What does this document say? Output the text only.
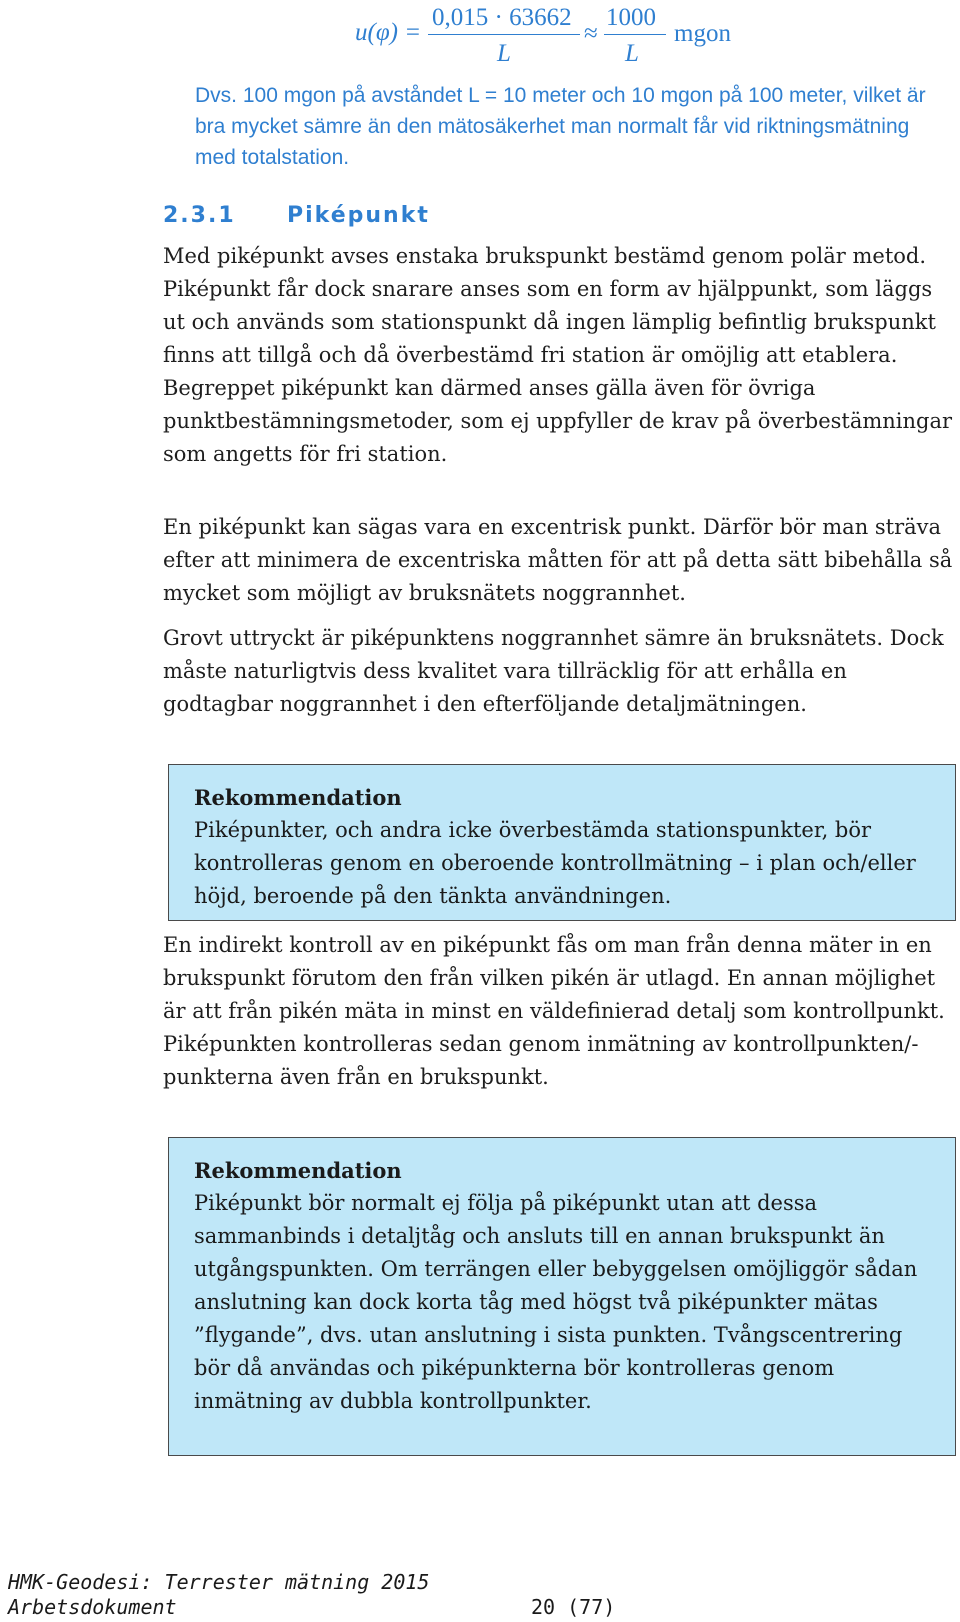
u(φ) =
0,015 · 63662
L
≈
1000
L
mgon

Dvs. 100 mgon på avståndet L = 10 meter och 10 mgon på 100 meter, vilket är bra mycket sämre än den mätosäkerhet man normalt får vid riktningsmätning med totalstation.

2.3.1 Piképunkt

Med piképunkt avses enstaka brukspunkt bestämd genom polär metod. Piképunkt får dock snarare anses som en form av hjälppunkt, som läggs ut och används som stationspunkt då ingen lämplig befintlig brukspunkt finns att tillgå och då överbestämd fri station är omöjlig att etablera. Begreppet piképunkt kan därmed anses gälla även för övriga punktbestämningsmetoder, som ej uppfyller de krav på överbestämningar som angetts för fri station.

En piképunkt kan sägas vara en excentrisk punkt. Därför bör man sträva efter att minimera de excentriska måtten för att på detta sätt bibehålla så mycket som möjligt av bruksnätets noggrannhet.

Grovt uttryckt är piképunktens noggrannhet sämre än bruksnätets. Dock måste naturligtvis dess kvalitet vara tillräcklig för att erhålla en godtagbar noggrannhet i den efterföljande detaljmätningen.

Rekommendation
Piképunkter, och andra icke överbestämda stationspunkter, bör kontrolleras genom en oberoende kontrollmätning – i plan och/eller höjd, beroende på den tänkta användningen.

En indirekt kontroll av en piképunkt fås om man från denna mäter in en brukspunkt förutom den från vilken pikén är utlagd. En annan möjlighet är att från pikén mäta in minst en väldefinierad detalj som kontrollpunkt. Piképunkten kontrolleras sedan genom inmätning av kontrollpunkten/-punkterna även från en brukspunkt.

Rekommendation
Piképunkt bör normalt ej följa på piképunkt utan att dessa sammanbinds i detaljtåg och ansluts till en annan brukspunkt än utgångspunkten. Om terrängen eller bebyggelsen omöjliggör sådan anslutning kan dock korta tåg med högst två piképunkter mätas ”flygande”, dvs. utan anslutning i sista punkten. Tvångscentrering bör då användas och piképunkterna bör kontrolleras genom inmätning av dubbla kontrollpunkter.
HMK-Geodesi: Terrester mätning 2015
Arbetsdokument	20 (77)
